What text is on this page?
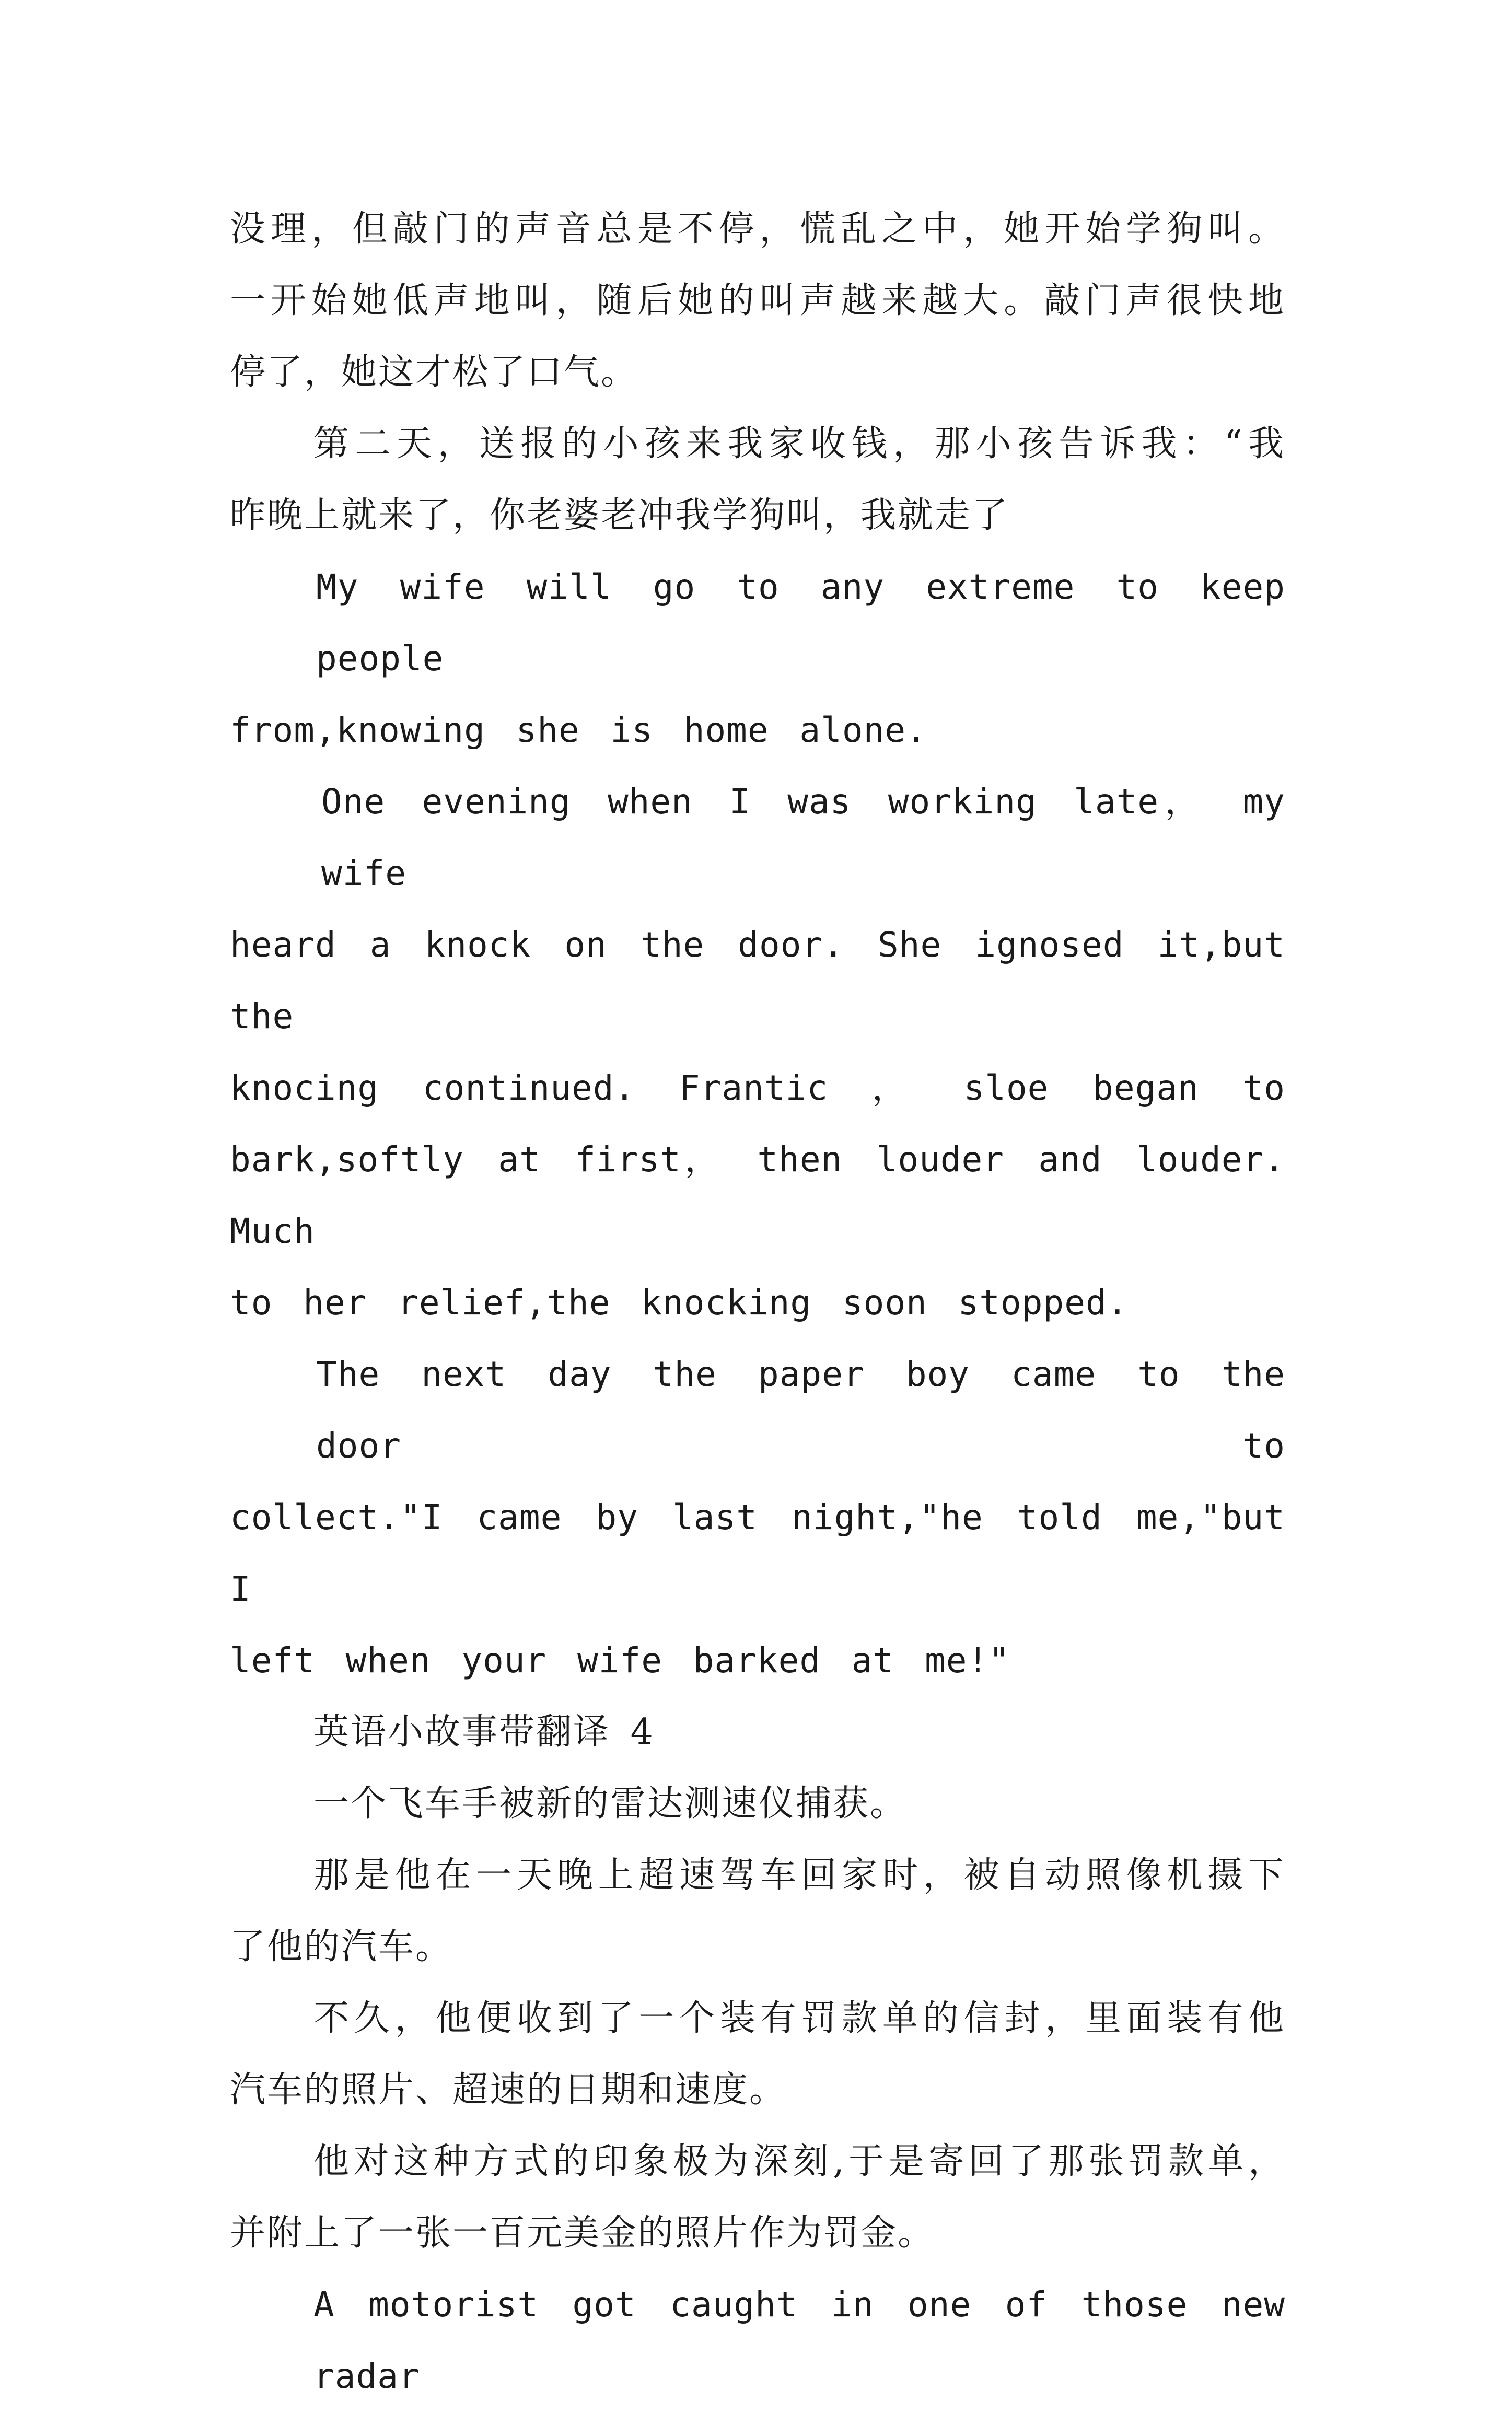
没理，但敲门的声音总是不停，慌乱之中，她开始学狗叫。
一开始她低声地叫，随后她的叫声越来越大。敲门声很快地
停了，她这才松了口气。

第二天，送报的小孩来我家收钱，那小孩告诉我：“我
昨晚上就来了，你老婆老冲我学狗叫，我就走了

My wife will go to any extreme to keep people
from,knowing she is home alone.

One evening when I was working late， my wife
heard a knock on the door. She ignosed it,but the
knocing continued. Frantic ， sloe began to
bark,softly at first， then louder and louder. Much
to her relief,the knocking soon stopped.

The next day the paper boy came to the door to
collect."I came by last night,"he told me,"but I
left when your wife barked at me!"

英语小故事带翻译 4

一个飞车手被新的雷达测速仪捕获。

那是他在一天晚上超速驾车回家时，被自动照像机摄下
了他的汽车。

不久，他便收到了一个装有罚款单的信封，里面装有他
汽车的照片、超速的日期和速度。

他对这种方式的印象极为深刻,于是寄回了那张罚款单，
并附上了一张一百元美金的照片作为罚金。

A motorist got caught in one of those new radar
